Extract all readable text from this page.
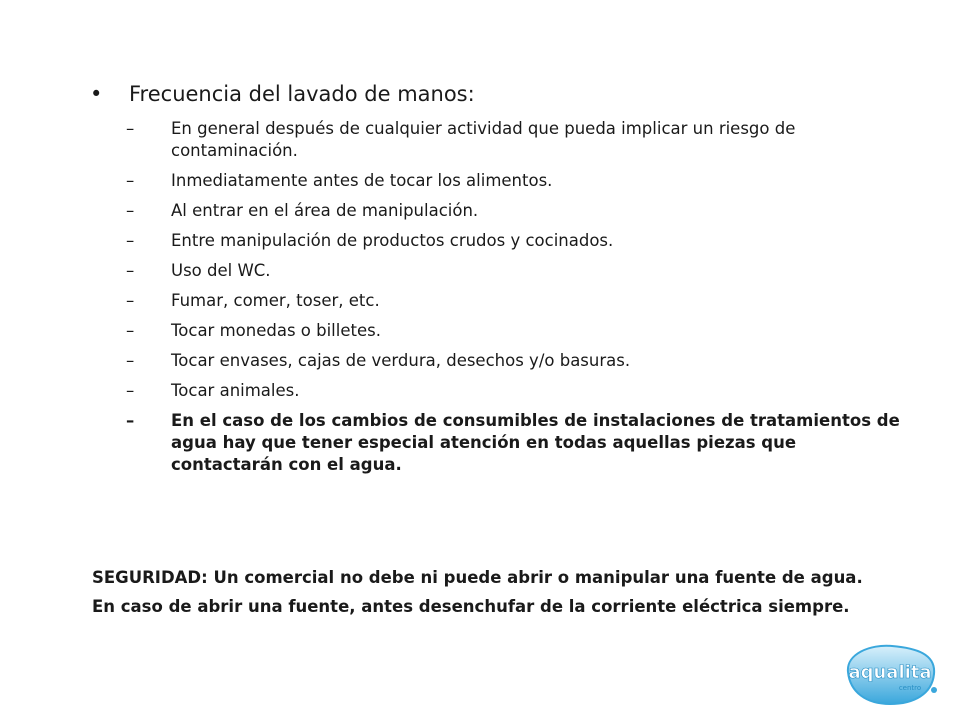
•	Frecuencia del lavado de manos:
– En general después de cualquier actividad que pueda implicar un riesgo de contaminación.
– Inmediatamente antes de tocar los alimentos.
– Al entrar en el área de manipulación.
– Entre manipulación de productos crudos y cocinados.
– Uso del WC.
– Fumar, comer, toser, etc.
– Tocar monedas o billetes.
– Tocar envases, cajas de verdura, desechos y/o basuras.
– Tocar animales.
– En el caso de los cambios de consumibles de instalaciones de tratamientos de agua hay que tener especial atención en todas aquellas piezas que contactarán con el agua.
SEGURIDAD: Un comercial no debe ni puede abrir o manipular una fuente de agua.
En caso de abrir una fuente, antes desenchufar de la corriente eléctrica siempre.
aqualita
centro
